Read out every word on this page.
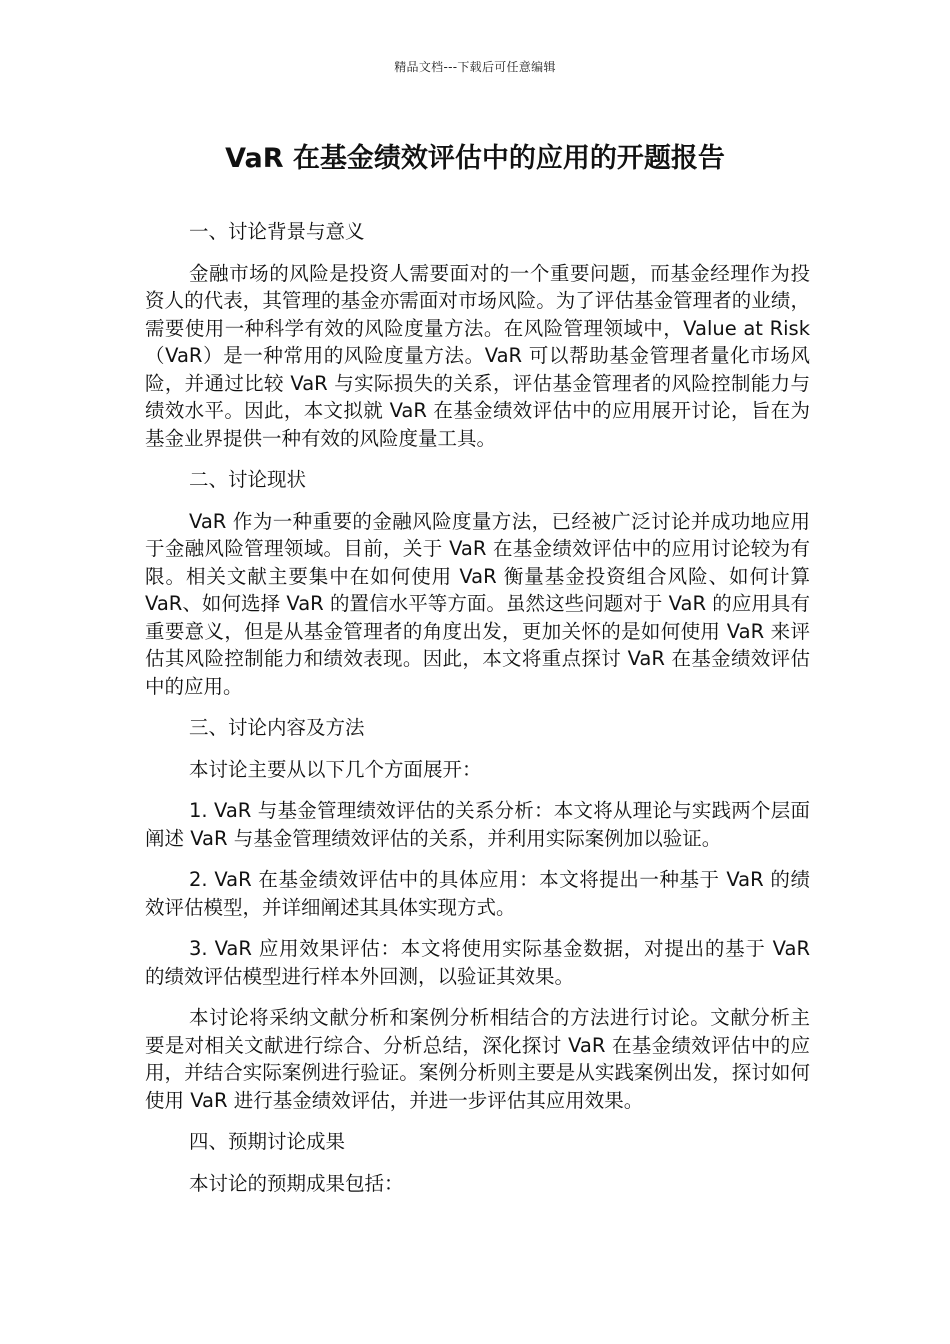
精品文档---下载后可任意编辑
VaR 在基金绩效评估中的应用的开题报告

一、讨论背景与意义

金融市场的风险是投资人需要面对的一个重要问题，而基金经理作为投资人的代表，其管理的基金亦需面对市场风险。为了评估基金管理者的业绩，需要使用一种科学有效的风险度量方法。在风险管理领域中，Value at Risk（VaR）是一种常用的风险度量方法。VaR 可以帮助基金管理者量化市场风险，并通过比较 VaR 与实际损失的关系，评估基金管理者的风险控制能力与绩效水平。因此，本文拟就 VaR 在基金绩效评估中的应用展开讨论，旨在为基金业界提供一种有效的风险度量工具。

二、讨论现状

VaR 作为一种重要的金融风险度量方法，已经被广泛讨论并成功地应用于金融风险管理领域。目前，关于 VaR 在基金绩效评估中的应用讨论较为有限。相关文献主要集中在如何使用 VaR 衡量基金投资组合风险、如何计算 VaR、如何选择 VaR 的置信水平等方面。虽然这些问题对于 VaR 的应用具有重要意义，但是从基金管理者的角度出发，更加关怀的是如何使用 VaR 来评估其风险控制能力和绩效表现。因此，本文将重点探讨 VaR 在基金绩效评估中的应用。

三、讨论内容及方法

本讨论主要从以下几个方面展开：

1. VaR 与基金管理绩效评估的关系分析：本文将从理论与实践两个层面阐述 VaR 与基金管理绩效评估的关系，并利用实际案例加以验证。

2. VaR 在基金绩效评估中的具体应用：本文将提出一种基于 VaR 的绩效评估模型，并详细阐述其具体实现方式。

3. VaR 应用效果评估：本文将使用实际基金数据，对提出的基于 VaR 的绩效评估模型进行样本外回测，以验证其效果。

本讨论将采纳文献分析和案例分析相结合的方法进行讨论。文献分析主要是对相关文献进行综合、分析总结，深化探讨 VaR 在基金绩效评估中的应用，并结合实际案例进行验证。案例分析则主要是从实践案例出发，探讨如何使用 VaR 进行基金绩效评估，并进一步评估其应用效果。

四、预期讨论成果

本讨论的预期成果包括：
